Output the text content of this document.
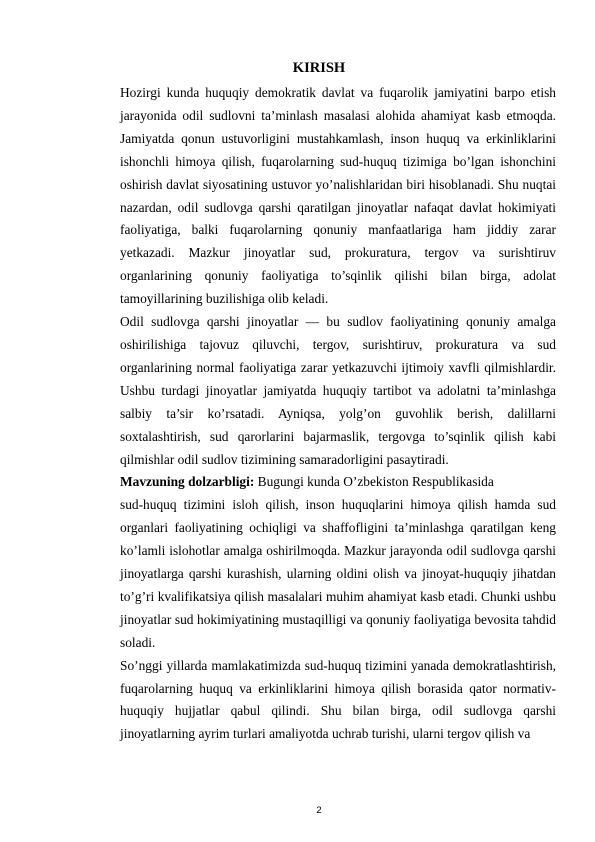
KIRISH

Hozirgi kunda huquqiy demokratik davlat va fuqarolik jamiyatini barpo etish jarayonida odil sudlovni ta’minlash masalasi alohida ahamiyat kasb etmoqda. Jamiyatda qonun ustuvorligini mustahkamlash, inson huquq va erkinliklarini ishonchli himoya qilish, fuqarolarning sud-huquq tizimiga bo’lgan ishonchini oshirish davlat siyosatining ustuvor yo’nalishlaridan biri hisoblanadi. Shu nuqtai nazardan, odil sudlovga qarshi qaratilgan jinoyatlar nafaqat davlat hokimiyati faoliyatiga, balki fuqarolarning qonuniy manfaatlariga ham jiddiy zarar yetkazadi. Mazkur jinoyatlar sud, prokuratura, tergov va surishtiruv organlarining qonuniy faoliyatiga to’sqinlik qilishi bilan birga, adolat tamoyillarining buzilishiga olib keladi.

Odil sudlovga qarshi jinoyatlar — bu sudlov faoliyatining qonuniy amalga oshirilishiga tajovuz qiluvchi, tergov, surishtiruv, prokuratura va sud organlarining normal faoliyatiga zarar yetkazuvchi ijtimoiy xavfli qilmishlardir. Ushbu turdagi jinoyatlar jamiyatda huquqiy tartibot va adolatni ta’minlashga salbiy ta’sir ko’rsatadi. Ayniqsa, yolg’on guvohlik berish, dalillarni soxtalashtirish, sud qarorlarini bajarmaslik, tergovga to’sqinlik qilish kabi qilmishlar odil sudlov tizimining samaradorligini pasaytiradi.

Mavzuning dolzarbligi: Bugungi kunda O’zbekiston Respublikasida

sud-huquq tizimini isloh qilish, inson huquqlarini himoya qilish hamda sud organlari faoliyatining ochiqligi va shaffofligini ta’minlashga qaratilgan keng ko’lamli islohotlar amalga oshirilmoqda. Mazkur jarayonda odil sudlovga qarshi jinoyatlarga qarshi kurashish, ularning oldini olish va jinoyat-huquqiy jihatdan to’g’ri kvalifikatsiya qilish masalalari muhim ahamiyat kasb etadi. Chunki ushbu jinoyatlar sud hokimiyatining mustaqilligi va qonuniy faoliyatiga bevosita tahdid soladi.

So’nggi yillarda mamlakatimizda sud-huquq tizimini yanada demokratlashtirish, fuqarolarning huquq va erkinliklarini himoya qilish borasida qator normativ-huquqiy hujjatlar qabul qilindi. Shu bilan birga, odil sudlovga qarshi jinoyatlarning ayrim turlari amaliyotda uchrab turishi, ularni tergov qilish va

2
